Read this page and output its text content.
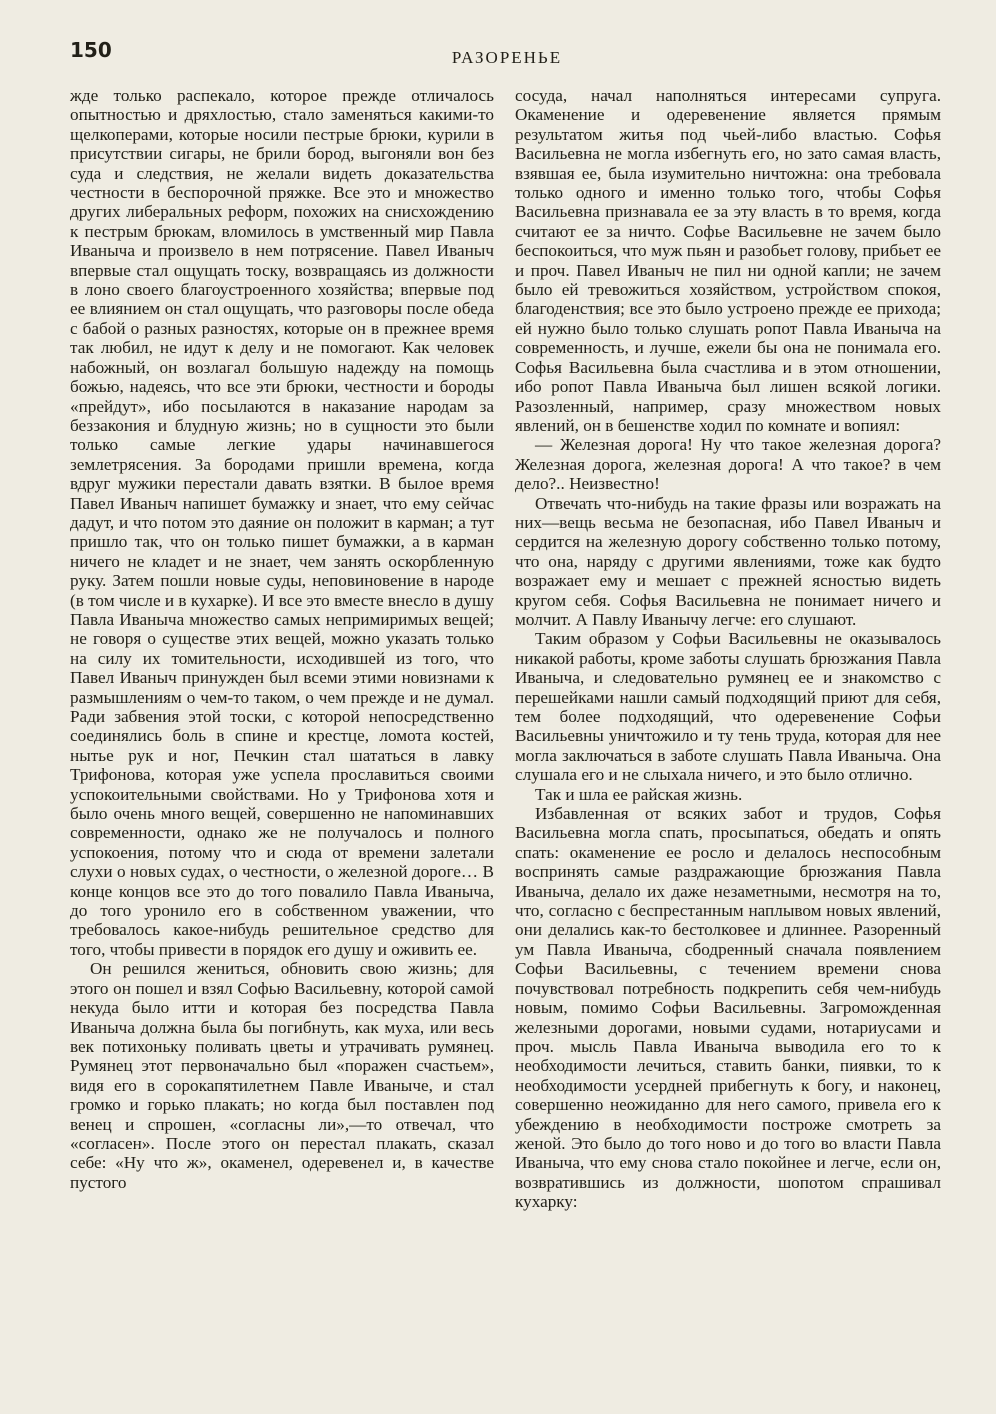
150	РАЗОРЕНЬЕ

жде только распекало, которое прежде отличалось опытностью и дряхлостью, стало заменяться какими-то щелкоперами, которые носили пестрые брюки, курили в присутствии сигары, не брили бород, выгоняли вон без суда и следствия, не желали видеть доказательства честности в беспорочной пряжке. Все это и множество других либеральных реформ, похожих на снисхождению к пестрым брюкам, вломилось в умственный мир Павла Иваныча и произвело в нем потрясение. Павел Иваныч впервые стал ощущать тоску, возвращаясь из должности в лоно своего благоустроенного хозяйства; впервые под ее влиянием он стал ощущать, что разговоры после обеда с бабой о разных разностях, которые он в прежнее время так любил, не идут к делу и не помогают. Как человек набожный, он возлагал большую надежду на помощь божью, надеясь, что все эти брюки, честности и бороды «прейдут», ибо посылаются в наказание народам за беззакония и блудную жизнь; но в сущности это были только самые легкие удары начинавшегося землетрясения. За бородами пришли времена, когда вдруг мужики перестали давать взятки. В былое время Павел Иваныч напишет бумажку и знает, что ему сейчас дадут, и что потом это даяние он положит в карман; а тут пришло так, что он только пишет бумажки, а в карман ничего не кладет и не знает, чем занять оскорбленную руку. Затем пошли новые суды, неповиновение в народе (в том числе и в кухарке). И все это вместе внесло в душу Павла Иваныча множество самых непримиримых вещей; не говоря о существе этих вещей, можно указать только на силу их томительности, исходившей из того, что Павел Иваныч принужден был всеми этими новизнами к размышлениям о чем-то таком, о чем прежде и не думал. Ради забвения этой тоски, с которой непосредственно соединялись боль в спине и крестце, ломота костей, нытье рук и ног, Печкин стал шататься в лавку Трифонова, которая уже успела прославиться своими успокоительными свойствами. Но у Трифонова хотя и было очень много вещей, совершенно не напоминавших современности, однако же не получалось и полного успокоения, потому что и сюда от времени залетали слухи о новых судах, о честности, о железной дороге… В конце концов все это до того повалило Павла Иваныча, до того уронило его в собственном уважении, что требовалось какое-нибудь решительное средство для того, чтобы привести в порядок его душу и оживить ее.

Он решился жениться, обновить свою жизнь; для этого он пошел и взял Софью Васильевну, которой самой некуда было итти и которая без посредства Павла Иваныча должна была бы погибнуть, как муха, или весь век потихоньку поливать цветы и утрачивать румянец. Румянец этот первоначально был «поражен счастьем», видя его в сорокапятилетнем Павле Иваныче, и стал громко и горько плакать; но когда был поставлен под венец и спрошен, «согласны ли»,—то отвечал, что «согласен». После этого он перестал плакать, сказал себе: «Ну что ж», окаменел, одеревенел и, в качестве пустого

сосуда, начал наполняться интересами супруга. Окаменение и одеревенение является прямым результатом житья под чьей-либо властью. Софья Васильевна не могла избегнуть его, но зато самая власть, взявшая ее, была изумительно ничтожна: она требовала только одного и именно только того, чтобы Софья Васильевна признавала ее за эту власть в то время, когда считают ее за ничто. Софье Васильевне не зачем было беспокоиться, что муж пьян и разобьет голову, прибьет ее и проч. Павел Иваныч не пил ни одной капли; не зачем было ей тревожиться хозяйством, устройством спокоя, благоденствия; все это было устроено прежде ее прихода; ей нужно было только слушать ропот Павла Иваныча на современность, и лучше, ежели бы она не понимала его. Софья Васильевна была счастлива и в этом отношении, ибо ропот Павла Иваныча был лишен всякой логики. Разозленный, например, сразу множеством новых явлений, он в бешенстве ходил по комнате и вопиял:

— Железная дорога! Ну что такое железная дорога? Железная дорога, железная дорога! А что такое? в чем дело?.. Неизвестно!

Отвечать что-нибудь на такие фразы или возражать на них—вещь весьма не безопасная, ибо Павел Иваныч и сердится на железную дорогу собственно только потому, что она, наряду с другими явлениями, тоже как будто возражает ему и мешает с прежней ясностью видеть кругом себя. Софья Васильевна не понимает ничего и молчит. А Павлу Иванычу легче: его слушают.

Таким образом у Софьи Васильевны не оказывалось никакой работы, кроме заботы слушать брюзжания Павла Иваныча, и следовательно румянец ее и знакомство с перешейками нашли самый подходящий приют для себя, тем более подходящий, что одеревенение Софьи Васильевны уничтожило и ту тень труда, которая для нее могла заключаться в заботе слушать Павла Иваныча. Она слушала его и не слыхала ничего, и это было отлично.

Так и шла ее райская жизнь.

Избавленная от всяких забот и трудов, Софья Васильевна могла спать, просыпаться, обедать и опять спать: окаменение ее росло и делалось неспособным воспринять самые раздражающие брюзжания Павла Иваныча, делало их даже незаметными, несмотря на то, что, согласно с беспрестанным наплывом новых явлений, они делались как-то бестолковее и длиннее. Разоренный ум Павла Иваныча, сбодренный сначала появлением Софьи Васильевны, с течением времени снова почувствовал потребность подкрепить себя чем-нибудь новым, помимо Софьи Васильевны. Загроможденная железными дорогами, новыми судами, нотариусами и проч. мысль Павла Иваныча выводила его то к необходимости лечиться, ставить банки, пиявки, то к необходимости усердней прибегнуть к богу, и наконец, совершенно неожиданно для него самого, привела его к убеждению в необходимости построже смотреть за женой. Это было до того ново и до того во власти Павла Иваныча, что ему снова стало покойнее и легче, если он, возвратившись из должности, шопотом спрашивал кухарку:
